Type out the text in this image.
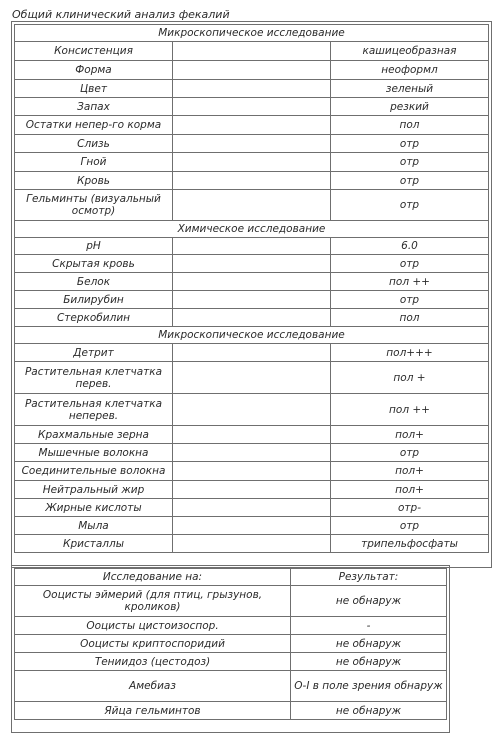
Общий клинический анализ фекалий
Микроскопическое исследование		
Консистенция		кашицеобразная
Форма		неоформл
Цвет		зеленый
Запах		резкий
Остатки непер-го корма		пол
Слизь		отр
Гной		отр
Кровь		отр
Гельминты (визуальный осмотр)		отр
Химическое исследование		
рН		6.0
Скрытая кровь		отр
Белок		пол ++
Билирубин		отр
Стеркобилин		пол
Микроскопическое исследование		
Детрит		пол+++
Растительная клетчатка перев.		пол +
Растительная клетчатка неперев.		пол ++
Крахмальные зерна		пол+
Мышечные волокна		отр
Соединительные волокна		пол+
Нейтральный жир		пол+
Жирные кислоты		отр-
Мыла		отр
Кристаллы		трипельфосфаты
Исследование на:	Результат:
Ооцисты эймерий (для птиц, грызунов, кроликов)	не обнаруж
Ооцисты цистоизоспор.	-
Ооцисты криптоспоридий	не обнаруж
Тениидоз (цестодоз)	не обнаруж
Амебиаз	О-I в поле зрения обнаруж
Яйца гельминтов	не обнаруж
